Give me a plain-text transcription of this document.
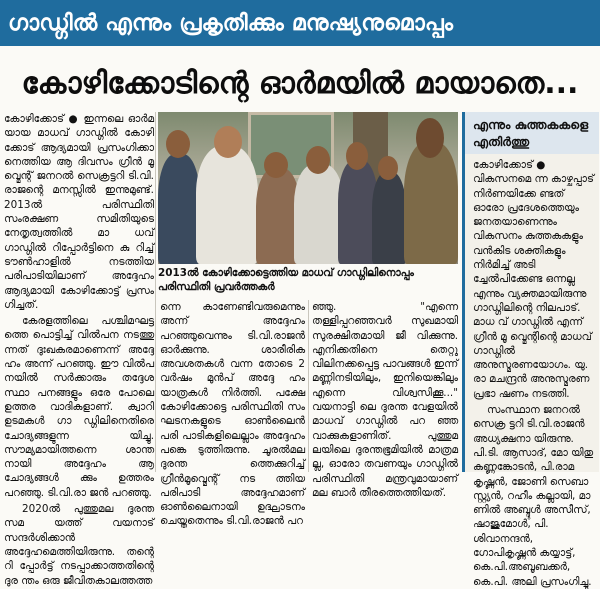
ഗാഡ്ഗിൽ എന്നും പ്രകൃതിക്കും മനുഷ്യനുമൊപ്പം
കോഴിക്കോടിന്റെ ഓർമയിൽ മായാതെ...

കോഴിക്കോട് ● ഇന്നലെ ഓർമ യായ മാധവ് ഗാഡ്ഗിൽ കോഴി ക്കോട് ആദ്യമായി പ്രസംഗിക്കാ നെത്തിയ ആ ദിവസം ഗ്രീൻ മൂ വ്മെന്റ് ജനറൽ സെക്രട്ടറി ടി.വി. രാജന്റെ മനസ്സിൽ ഇന്നുമുണ്ട്. 2013ൽ പരിസ്ഥിതി സംരക്ഷണ സമിതിയുടെ നേതൃത്വത്തിൽ മാ ധവ് ഗാഡ്ഗിൽ റിപ്പോർട്ടിനെ കു റിച്ച് ടൗൺഹാളിൽ നടത്തിയ പരിപാടിയിലാണ് അദ്ദേഹം ആദ്യമായി കോഴിക്കോട്ട് പ്രസം ഗിച്ചത്.

കേരളത്തിലെ പശ്ചിമഘട്ട ത്തെ പൊട്ടിച്ച് വിൽപന നടത്തു ന്നത് ദുഃഖകരമാണെന്ന് അദ്ദേ ഹം അന്ന് പറഞ്ഞു. ഈ വിൽപ നയിൽ സർക്കാരും തദ്ദേശ സ്ഥാ പനങ്ങളും ഒരേ പോലെ ഉത്തര വാദികളാണ്. ക്വാറി ഉടമകൾ ഗാ ഡ്ഗിലിനെതിരെ ചോദ്യങ്ങളുന്ന യിച്ചു. സൗമ്യമായിത്തന്നെ ശാന്ത നായി അദ്ദേഹം ആ ചോദ്യങ്ങൾ ക്കും ഉത്തരം പറഞ്ഞു. ടി.വി.രാ ജൻ പറഞ്ഞു.

2020ൽ പുത്തുമല ദുരന്ത സമ യത്ത് വയനാട് സന്ദർശിക്കാൻ അദ്ദേഹമെത്തിയിരുന്നു. തന്റെ റി പ്പോർട്ട് നടപ്പാക്കാത്തതിന്റെ ദുര ന്തം ഒരു ജീവിതകാലത്തത്ത

2013ൽ കോഴിക്കോട്ടെത്തിയ മാധവ് ഗാഡ്ഗിലിനൊപ്പം പരിസ്ഥിതി പ്രവർത്തകർ

ന്നെ കാണേണ്ടിവരുമെന്നും അന്ന് അദ്ദേഹം പറഞ്ഞുവെന്നും ടി.വി.രാജൻ ഓർക്കുന്നു. ശാരീരിക അവശതകൾ വന്ന തോടെ 2 വർഷം മുൻപ് അദ്ദേ ഹം യാത്രകൾ നിർത്തി. പക്ഷേ കോഴിക്കോട്ടെ പരിസ്ഥിതി സം ഘടനകളുടെ ഓൺലൈൻ പരി പാടികളിലെല്ലാം അദ്ദേഹം പങ്കെ ടുത്തിരുന്നു. ചൂരൽമല ദുരന്ത ത്തെക്കുറിച്ച് ഗ്രീൻമൂവ്മെന്റ് നട ത്തിയ പരിപാടി അദ്ദേഹമാണ് ഓൺലൈനായി ഉദ്ഘാടനം ചെയ്തതെന്നും ടി.വി.രാജൻ പറ

ഞ്ഞു. "എന്നെ തള്ളിപ്പറഞ്ഞവർ സുഖമായി സുരക്ഷിതമായി ജീ വിക്കുന്നു. എനിക്കതിനെ തെറ്റു വിലിനക്കപ്പെട്ട പാവങ്ങൾ ഇന്ന് മണ്ണിനടിയിലും, ഇനിയെങ്കിലും എന്നെ വിശ്വസിക്കൂ..." വയനാട്ടി ലെ ദുരന്ത വേളയിൽ മാധവ് ഗാഡ്ഗിൽ പറ ഞ്ഞ വാക്കുകളാണിത്. പുത്തുമ ലയിലെ ദുരന്തഭൂമിയിൽ മാത്രമ ല്ല, ഓരോ തവണയും ഗാഡ്ഗിൽ പരിസ്ഥിതി മന്ത്രവുമായാണ് മല ബാർ തീരത്തെത്തിയത്.

എന്നും കുത്തകകളെ എതിർത്തു

കോഴിക്കോട് ● വികസനമെ ന്ന കാഴ്ചപ്പാട് നിർണയിക്കേ ണ്ടത് ഓരോ പ്രദേശത്തെയും ജനതയാണെന്നും വികസനം കുത്തകകളും വൻകിട ശക്തികളും നിർമിച്ച് അടി ച്ചേൽപിക്കേണ്ട ഒന്നല്ല എന്നും വ്യക്തമായിരുന്നു ഗാഡ്ഗിലിന്റെ നിലപാട്. മാധ വ് ഗാഡ്ഗിൽ എന്ന് ഗ്രീൻ മൂ വ്മെന്റിന്റെ മാധവ് ഗാഡ്ഗിൽ അനുസ്മരണയോഗം. യു. രാ മചന്ദ്രൻ അനുസ്മരണ പ്രഭാ ഷണം നടത്തി.

സംസ്ഥാന ജനറൽ സെക്ര ട്ടറി ടി.വി.രാജൻ അധ്യക്ഷനാ യിരുന്നു. പി.ടി. ആസാദ്, മോ യിതു കണ്ണങ്കോടൻ, പി.രാമ കൃഷ്ണൻ, ജോണി സെബാ സ്റ്റ്യൻ, റഹീം കല്ലായി, മാ ണിൽ അബ്ദുൾ അസീസ്, ഷാജുമോൾ, പി. ശിവാനന്ദൻ, ഗോപികൃഷ്ണൻ കയ്യാട്ട്, കെ.പി.അബൂബക്കർ, കെ.പി. അലി പ്രസംഗിച്ചു.
